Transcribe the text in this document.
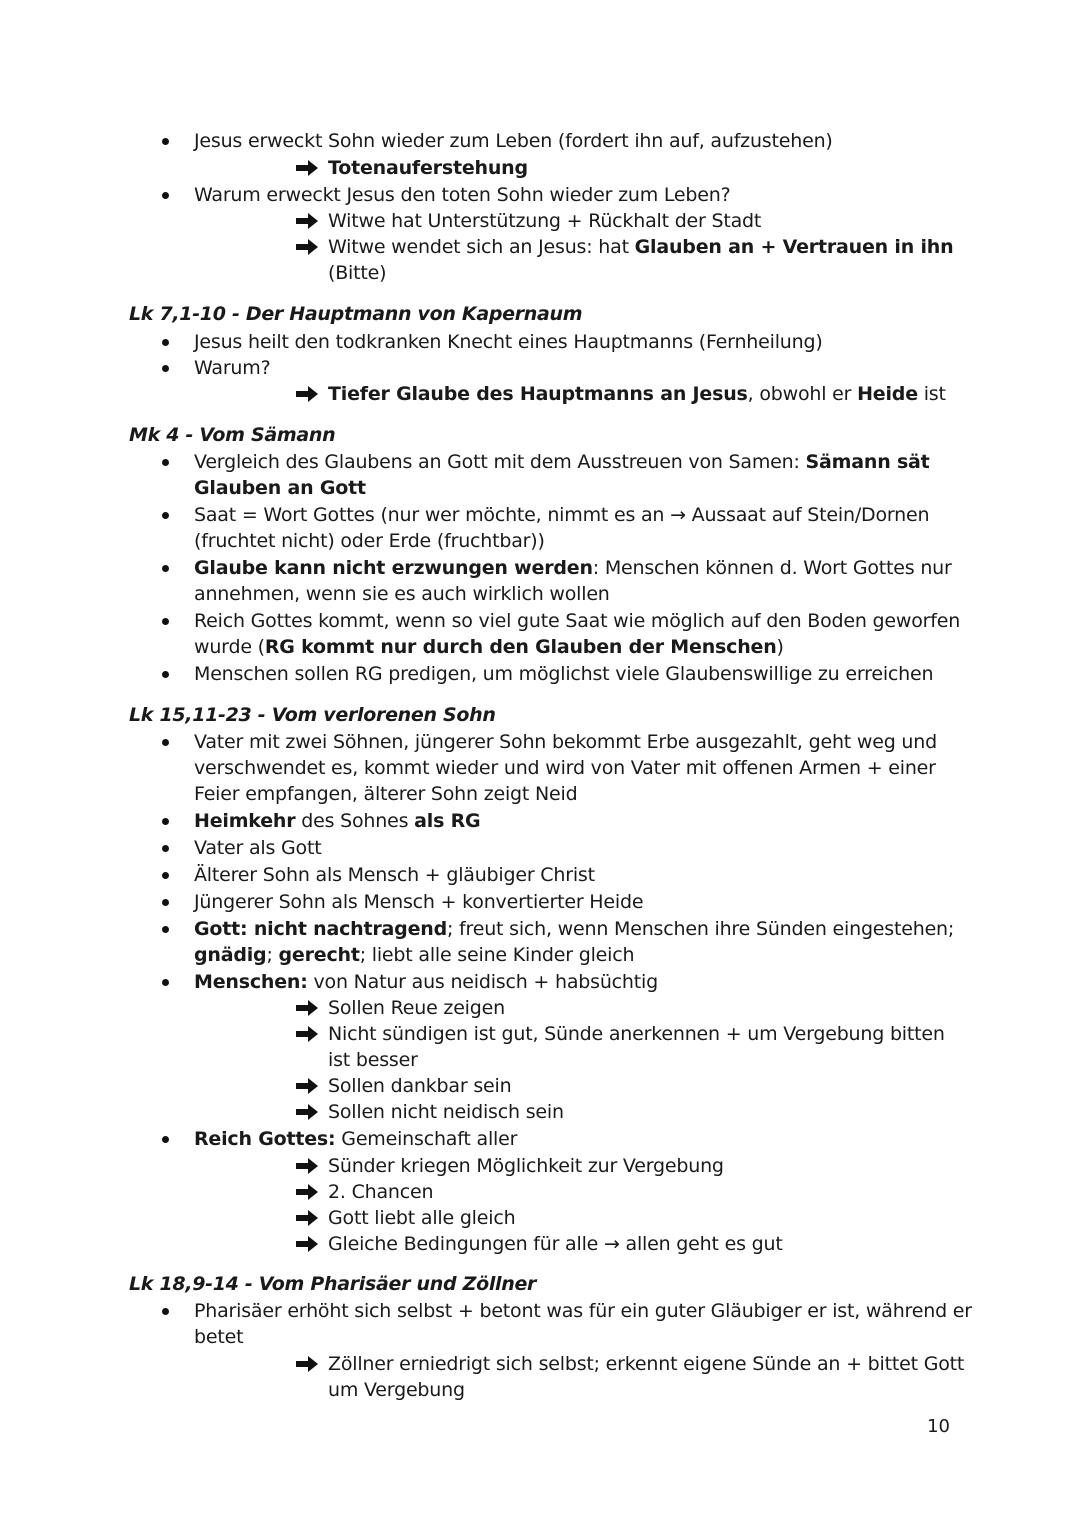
Jesus erweckt Sohn wieder zum Leben (fordert ihn auf, aufzustehen)
Totenauferstehung
Warum erweckt Jesus den toten Sohn wieder zum Leben?
Witwe hat Unterstützung + Rückhalt der Stadt
Witwe wendet sich an Jesus: hat Glauben an + Vertrauen in ihn
(Bitte)
Lk 7,1-10 - Der Hauptmann von Kapernaum
Jesus heilt den todkranken Knecht eines Hauptmanns (Fernheilung)
Warum?
Tiefer Glaube des Hauptmanns an Jesus, obwohl er Heide ist
Mk 4 - Vom Sämann
Vergleich des Glaubens an Gott mit dem Ausstreuen von Samen: Sämann sät
Glauben an Gott
Saat = Wort Gottes (nur wer möchte, nimmt es an → Aussaat auf Stein/Dornen
(fruchtet nicht) oder Erde (fruchtbar))
Glaube kann nicht erzwungen werden: Menschen können d. Wort Gottes nur
annehmen, wenn sie es auch wirklich wollen
Reich Gottes kommt, wenn so viel gute Saat wie möglich auf den Boden geworfen
wurde (RG kommt nur durch den Glauben der Menschen)
Menschen sollen RG predigen, um möglichst viele Glaubenswillige zu erreichen
Lk 15,11-23 - Vom verlorenen Sohn
Vater mit zwei Söhnen, jüngerer Sohn bekommt Erbe ausgezahlt, geht weg und
verschwendet es, kommt wieder und wird von Vater mit offenen Armen + einer
Feier empfangen, älterer Sohn zeigt Neid
Heimkehr des Sohnes als RG
Vater als Gott
Älterer Sohn als Mensch + gläubiger Christ
Jüngerer Sohn als Mensch + konvertierter Heide
Gott: nicht nachtragend; freut sich, wenn Menschen ihre Sünden eingestehen;
gnädig; gerecht; liebt alle seine Kinder gleich
Menschen: von Natur aus neidisch + habsüchtig
Sollen Reue zeigen
Nicht sündigen ist gut, Sünde anerkennen + um Vergebung bitten
ist besser
Sollen dankbar sein
Sollen nicht neidisch sein
Reich Gottes: Gemeinschaft aller
Sünder kriegen Möglichkeit zur Vergebung
2. Chancen
Gott liebt alle gleich
Gleiche Bedingungen für alle → allen geht es gut
Lk 18,9-14 - Vom Pharisäer und Zöllner
Pharisäer erhöht sich selbst + betont was für ein guter Gläubiger er ist, während er
betet
Zöllner erniedrigt sich selbst; erkennt eigene Sünde an + bittet Gott
um Vergebung
10
